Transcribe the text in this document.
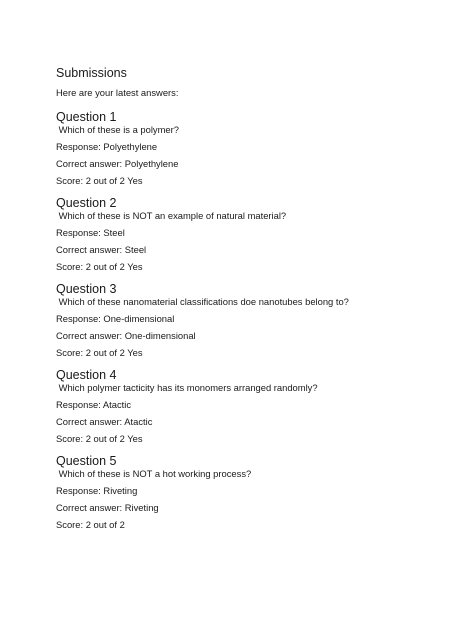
Submissions
Here are your latest answers:
Question 1
Which of these is a polymer?
Response: Polyethylene
Correct answer: Polyethylene
Score: 2 out of 2 Yes
Question 2
Which of these is NOT an example of natural material?
Response: Steel
Correct answer: Steel
Score: 2 out of 2 Yes
Question 3
Which of these nanomaterial classifications doe nanotubes belong to?
Response: One-dimensional
Correct answer: One-dimensional
Score: 2 out of 2 Yes
Question 4
Which polymer tacticity has its monomers arranged randomly?
Response: Atactic
Correct answer: Atactic
Score: 2 out of 2 Yes
Question 5
Which of these is NOT a hot working process?
Response: Riveting
Correct answer: Riveting
Score: 2 out of 2
